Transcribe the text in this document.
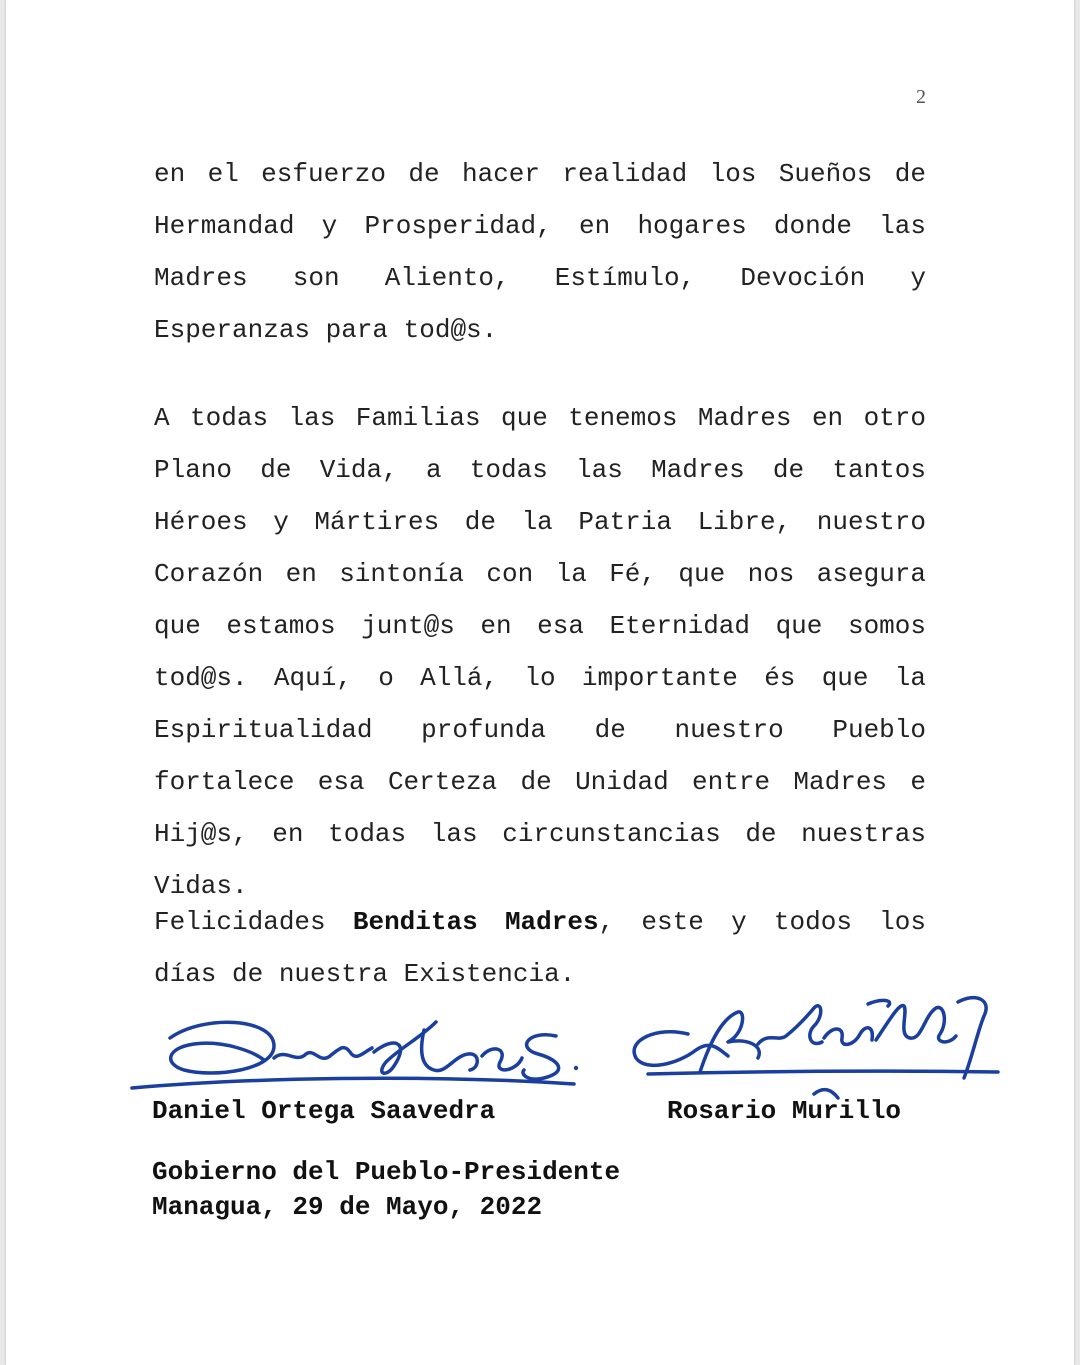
2

en el esfuerzo de hacer realidad los Sueños de Hermandad y Prosperidad, en hogares donde las Madres son Aliento, Estímulo, Devoción y Esperanzas para tod@s.

A todas las Familias que tenemos Madres en otro Plano de Vida, a todas las Madres de tantos Héroes y Mártires de la Patria Libre, nuestro Corazón en sintonía con la Fé, que nos asegura que estamos junt@s en esa Eternidad que somos tod@s. Aquí, o Allá, lo importante és que la Espiritualidad profunda de nuestro Pueblo fortalece esa Certeza de Unidad entre Madres e Hij@s, en todas las circunstancias de nuestras Vidas.

Felicidades Benditas Madres, este y todos los días de nuestra Existencia.

Daniel Ortega Saavedra	Rosario Murillo
Gobierno del Pueblo-Presidente
Managua, 29 de Mayo, 2022
